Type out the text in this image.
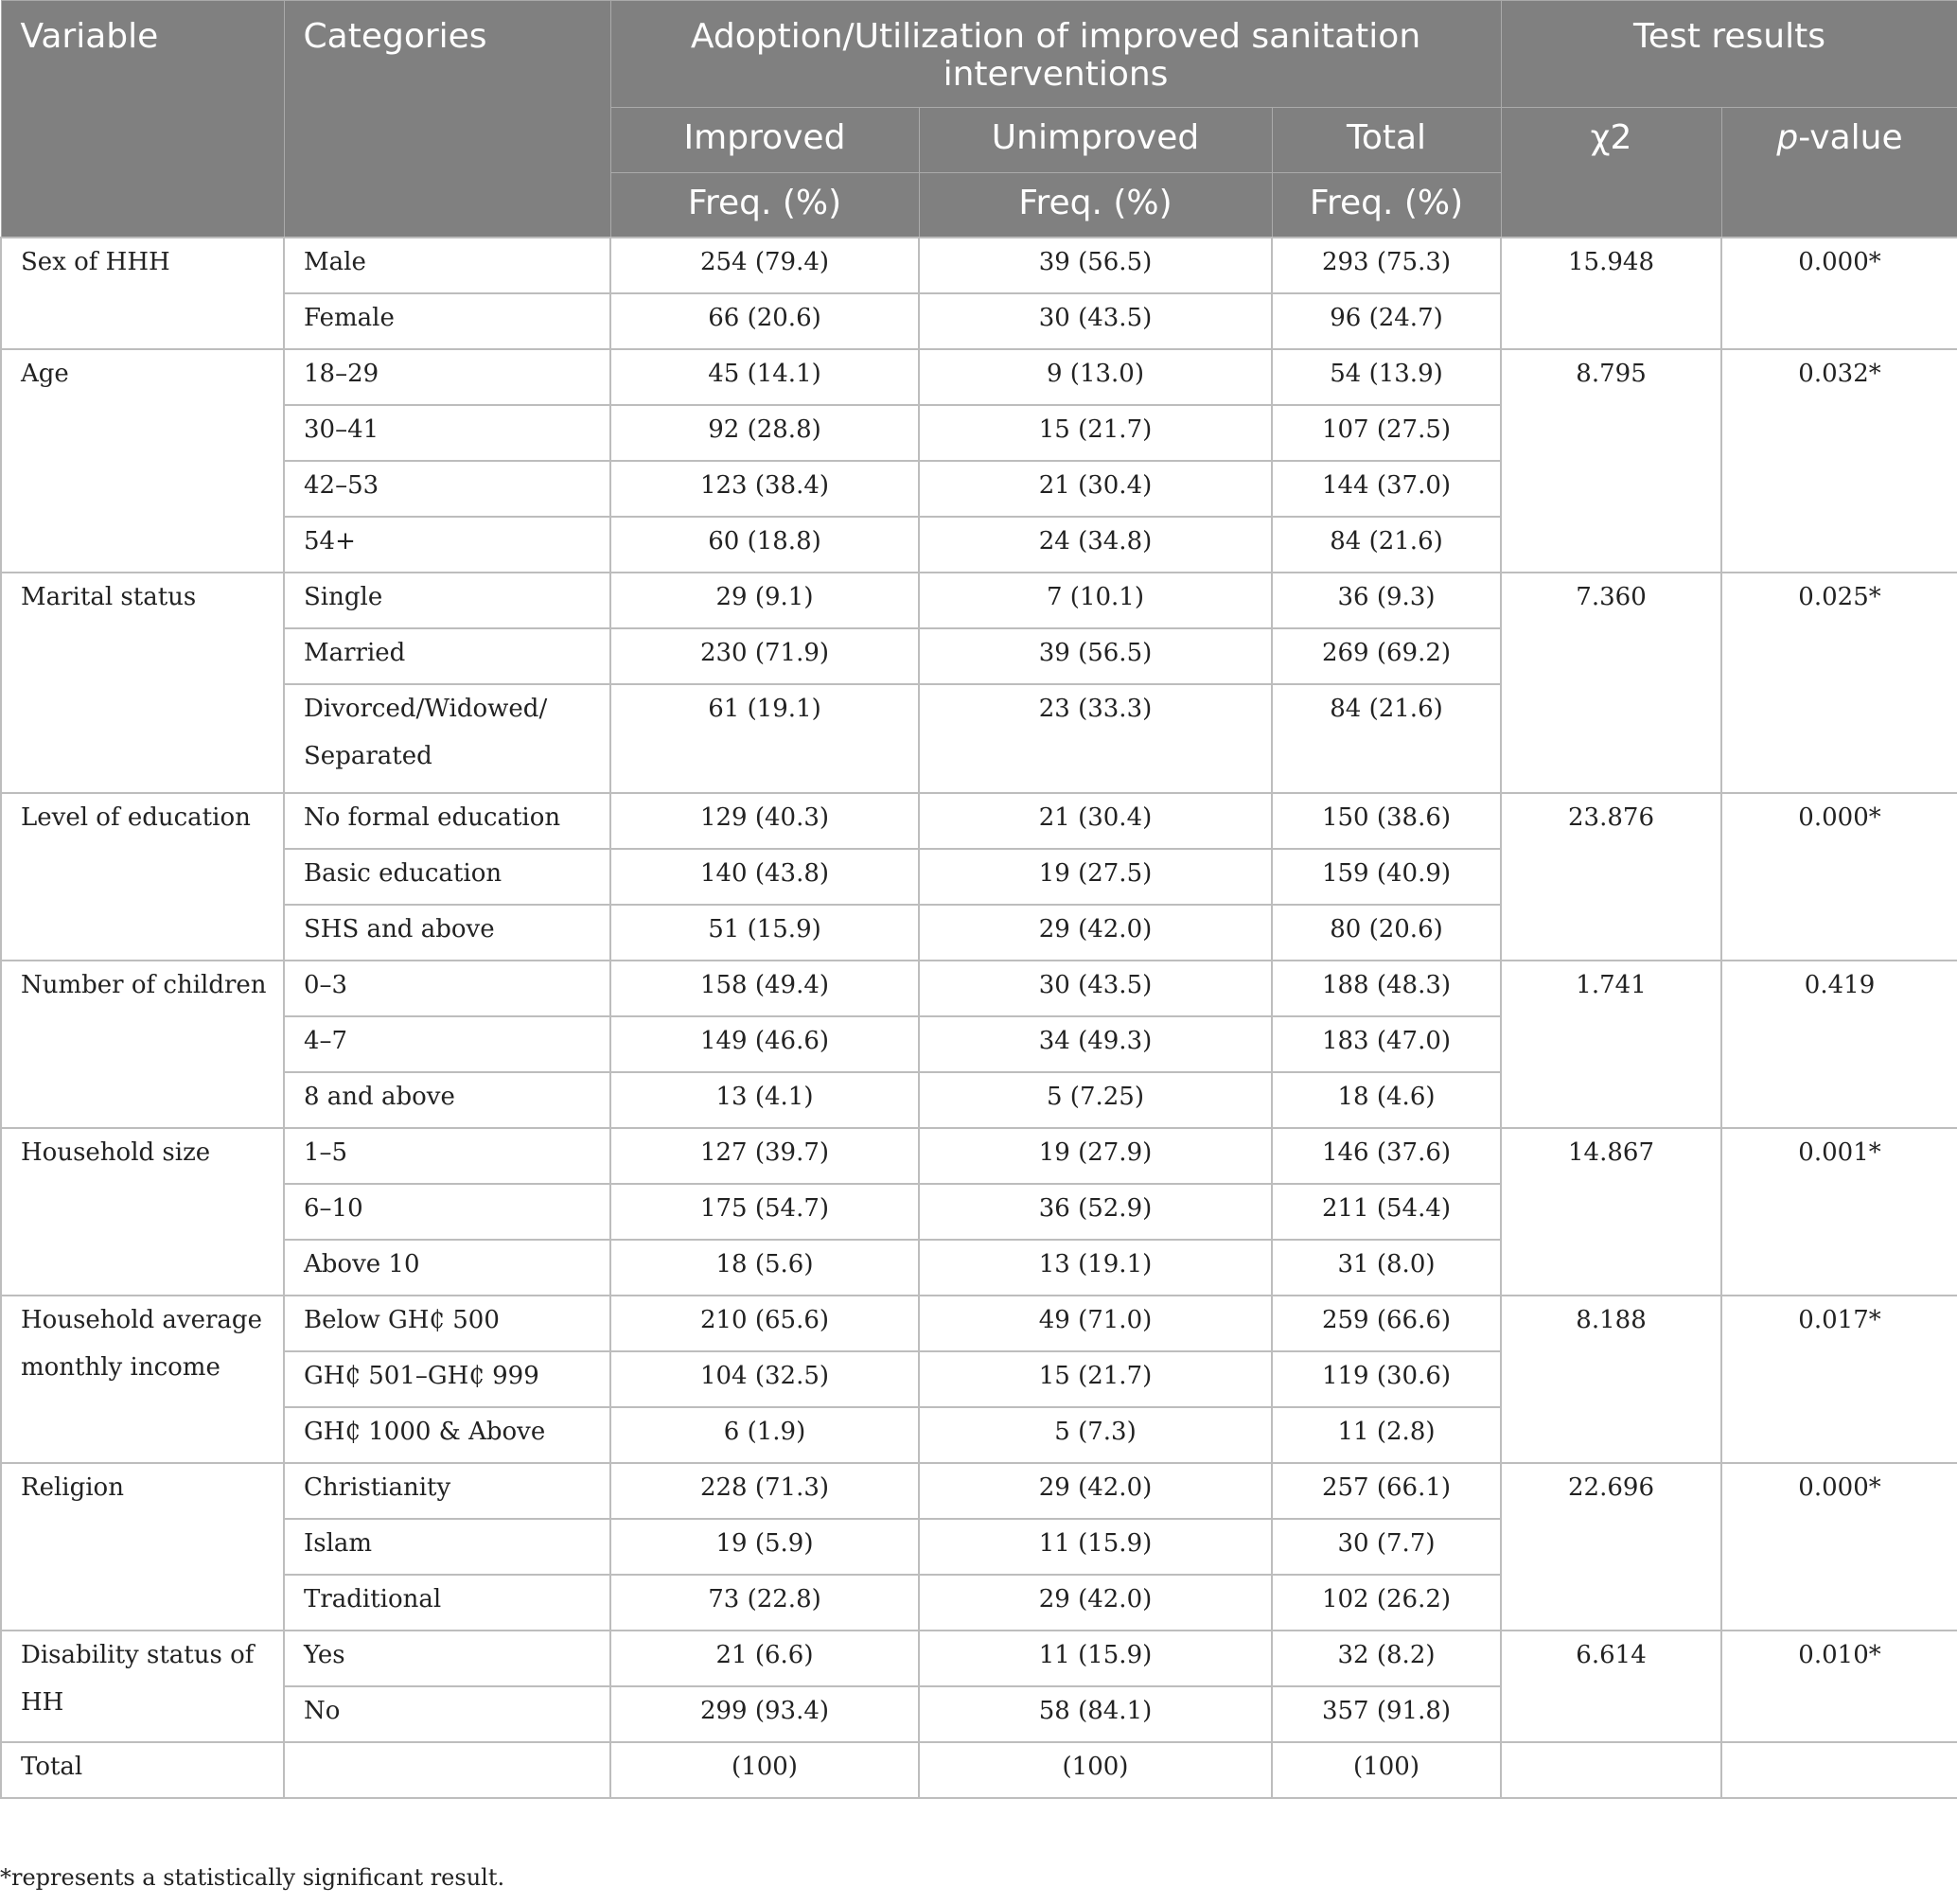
Variable	Categories	Adoption/Utilization of improved sanitation interventions			Test results	
		Improved	Unimproved	Total	χ2	p-value
		Freq. (%)	Freq. (%)	Freq. (%)		
Sex of HHH	Male	254 (79.4)	39 (56.5)	293 (75.3)	15.948	0.000*
	Female	66 (20.6)	30 (43.5)	96 (24.7)		
Age	18–29	45 (14.1)	9 (13.0)	54 (13.9)	8.795	0.032*
	30–41	92 (28.8)	15 (21.7)	107 (27.5)		
	42–53	123 (38.4)	21 (30.4)	144 (37.0)		
	54+	60 (18.8)	24 (34.8)	84 (21.6)		
Marital status	Single	29 (9.1)	7 (10.1)	36 (9.3)	7.360	0.025*
	Married	230 (71.9)	39 (56.5)	269 (69.2)		
	Divorced/Widowed/ Separated	61 (19.1)	23 (33.3)	84 (21.6)		
Level of education	No formal education	129 (40.3)	21 (30.4)	150 (38.6)	23.876	0.000*
	Basic education	140 (43.8)	19 (27.5)	159 (40.9)		
	SHS and above	51 (15.9)	29 (42.0)	80 (20.6)		
Number of children	0–3	158 (49.4)	30 (43.5)	188 (48.3)	1.741	0.419
	4–7	149 (46.6)	34 (49.3)	183 (47.0)		
	8 and above	13 (4.1)	5 (7.25)	18 (4.6)		
Household size	1–5	127 (39.7)	19 (27.9)	146 (37.6)	14.867	0.001*
	6–10	175 (54.7)	36 (52.9)	211 (54.4)		
	Above 10	18 (5.6)	13 (19.1)	31 (8.0)		
Household average monthly income	Below GH₵ 500	210 (65.6)	49 (71.0)	259 (66.6)	8.188	0.017*
	GH₵ 501–GH₵ 999	104 (32.5)	15 (21.7)	119 (30.6)		
	GH₵ 1000 & Above	6 (1.9)	5 (7.3)	11 (2.8)		
Religion	Christianity	228 (71.3)	29 (42.0)	257 (66.1)	22.696	0.000*
	Islam	19 (5.9)	11 (15.9)	30 (7.7)		
	Traditional	73 (22.8)	29 (42.0)	102 (26.2)		
Disability status of HH	Yes	21 (6.6)	11 (15.9)	32 (8.2)	6.614	0.010*
	No	299 (93.4)	58 (84.1)	357 (91.8)		
Total		(100)	(100)	(100)		
*represents a statistically significant result.
